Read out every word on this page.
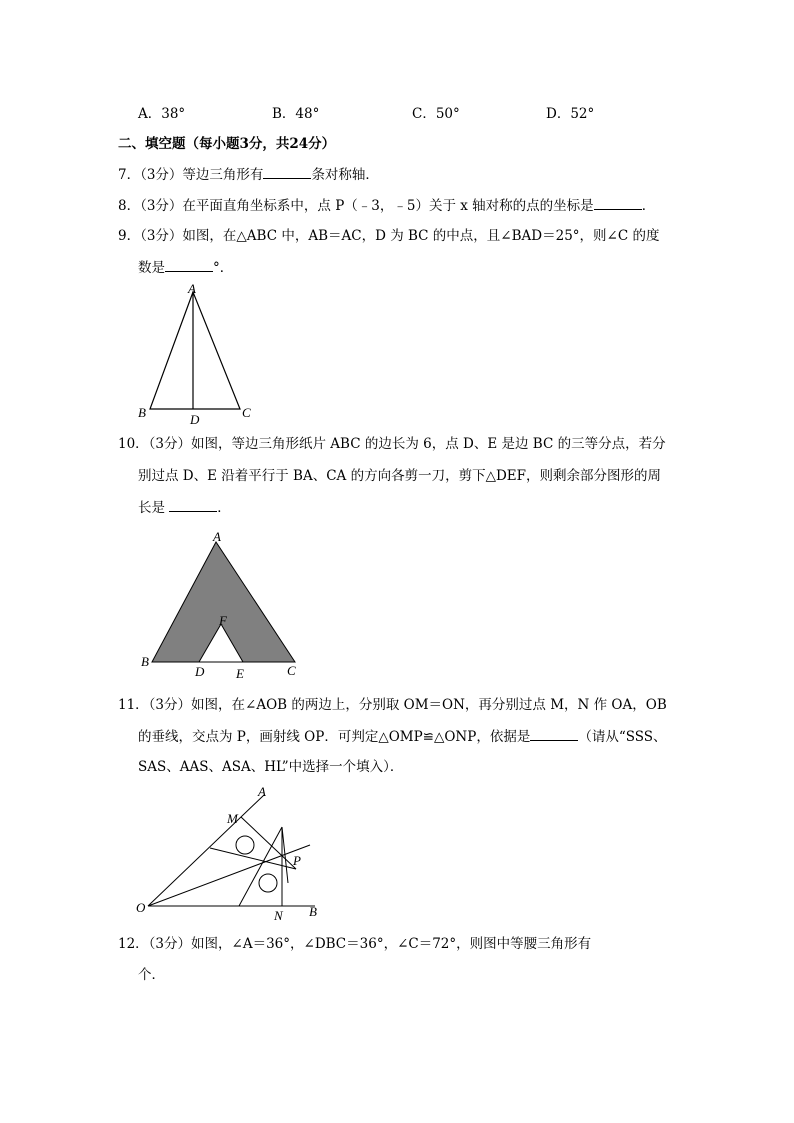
A．38°	B．48°	C．50°	D．52°
二、填空题（每小题3分，共24分）
7．（3分）等边三角形有	条对称轴．
8．（3分）在平面直角坐标系中，点 P（﹣3，﹣5）关于 x 轴对称的点的坐标是	．
9．（3分）如图，在△ABC 中，AB＝AC，D 为 BC 的中点，且∠BAD＝25°，则∠C 的度
数是	°．
A
B	C
D
10．（3分）如图，等边三角形纸片 ABC 的边长为 6，点 D、E 是边 BC 的三等分点，若分
别过点 D、E 沿着平行于 BA、CA 的方向各剪一刀，剪下△DEF，则剩余部分图形的周
长是	．
A
B
C
D E
F
11．（3分）如图，在∠AOB 的两边上，分别取 OM＝ON，再分别过点 M，N 作 OA，OB
的垂线，交点为 P，画射线 OP．可判定△OMP≌△ONP，依据是	（请从“SSS、
SAS、AAS、ASA、HL”中选择一个填入）．
A
M
P
O
N B
12．（3分）如图，∠A＝36°，∠DBC＝36°，∠C＝72°，则图中等腰三角形有
个．
